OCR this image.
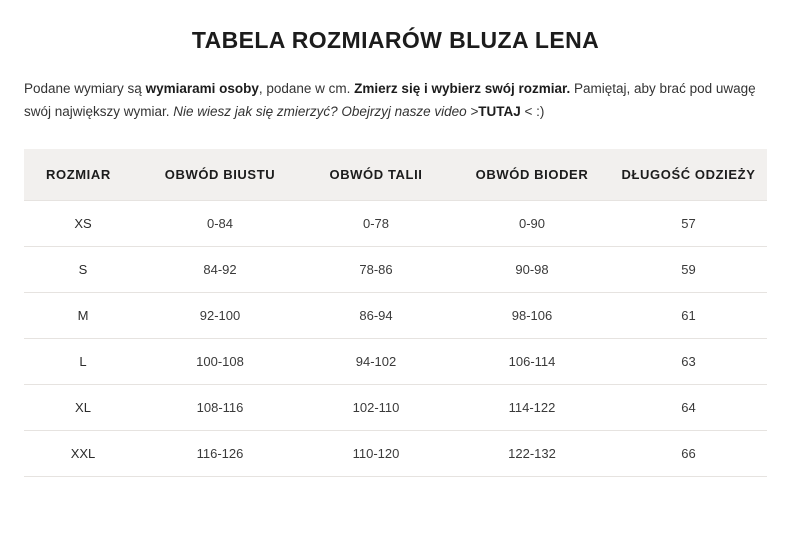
TABELA ROZMIARÓW BLUZA LENA

Podane wymiary są wymiarami osoby, podane w cm. Zmierz się i wybierz swój rozmiar. Pamiętaj, aby brać pod uwagę swój największy wymiar. Nie wiesz jak się zmierzyć? Obejrzyj nasze video >TUTAJ < :)

ROZMIAR	OBWÓD BIUSTU	OBWÓD TALII	OBWÓD BIODER	DŁUGOŚĆ ODZIEŻY
XS	0-84	0-78	0-90	57
S	84-92	78-86	90-98	59
M	92-100	86-94	98-106	61
L	100-108	94-102	106-114	63
XL	108-116	102-110	114-122	64
XXL	116-126	110-120	122-132	66
